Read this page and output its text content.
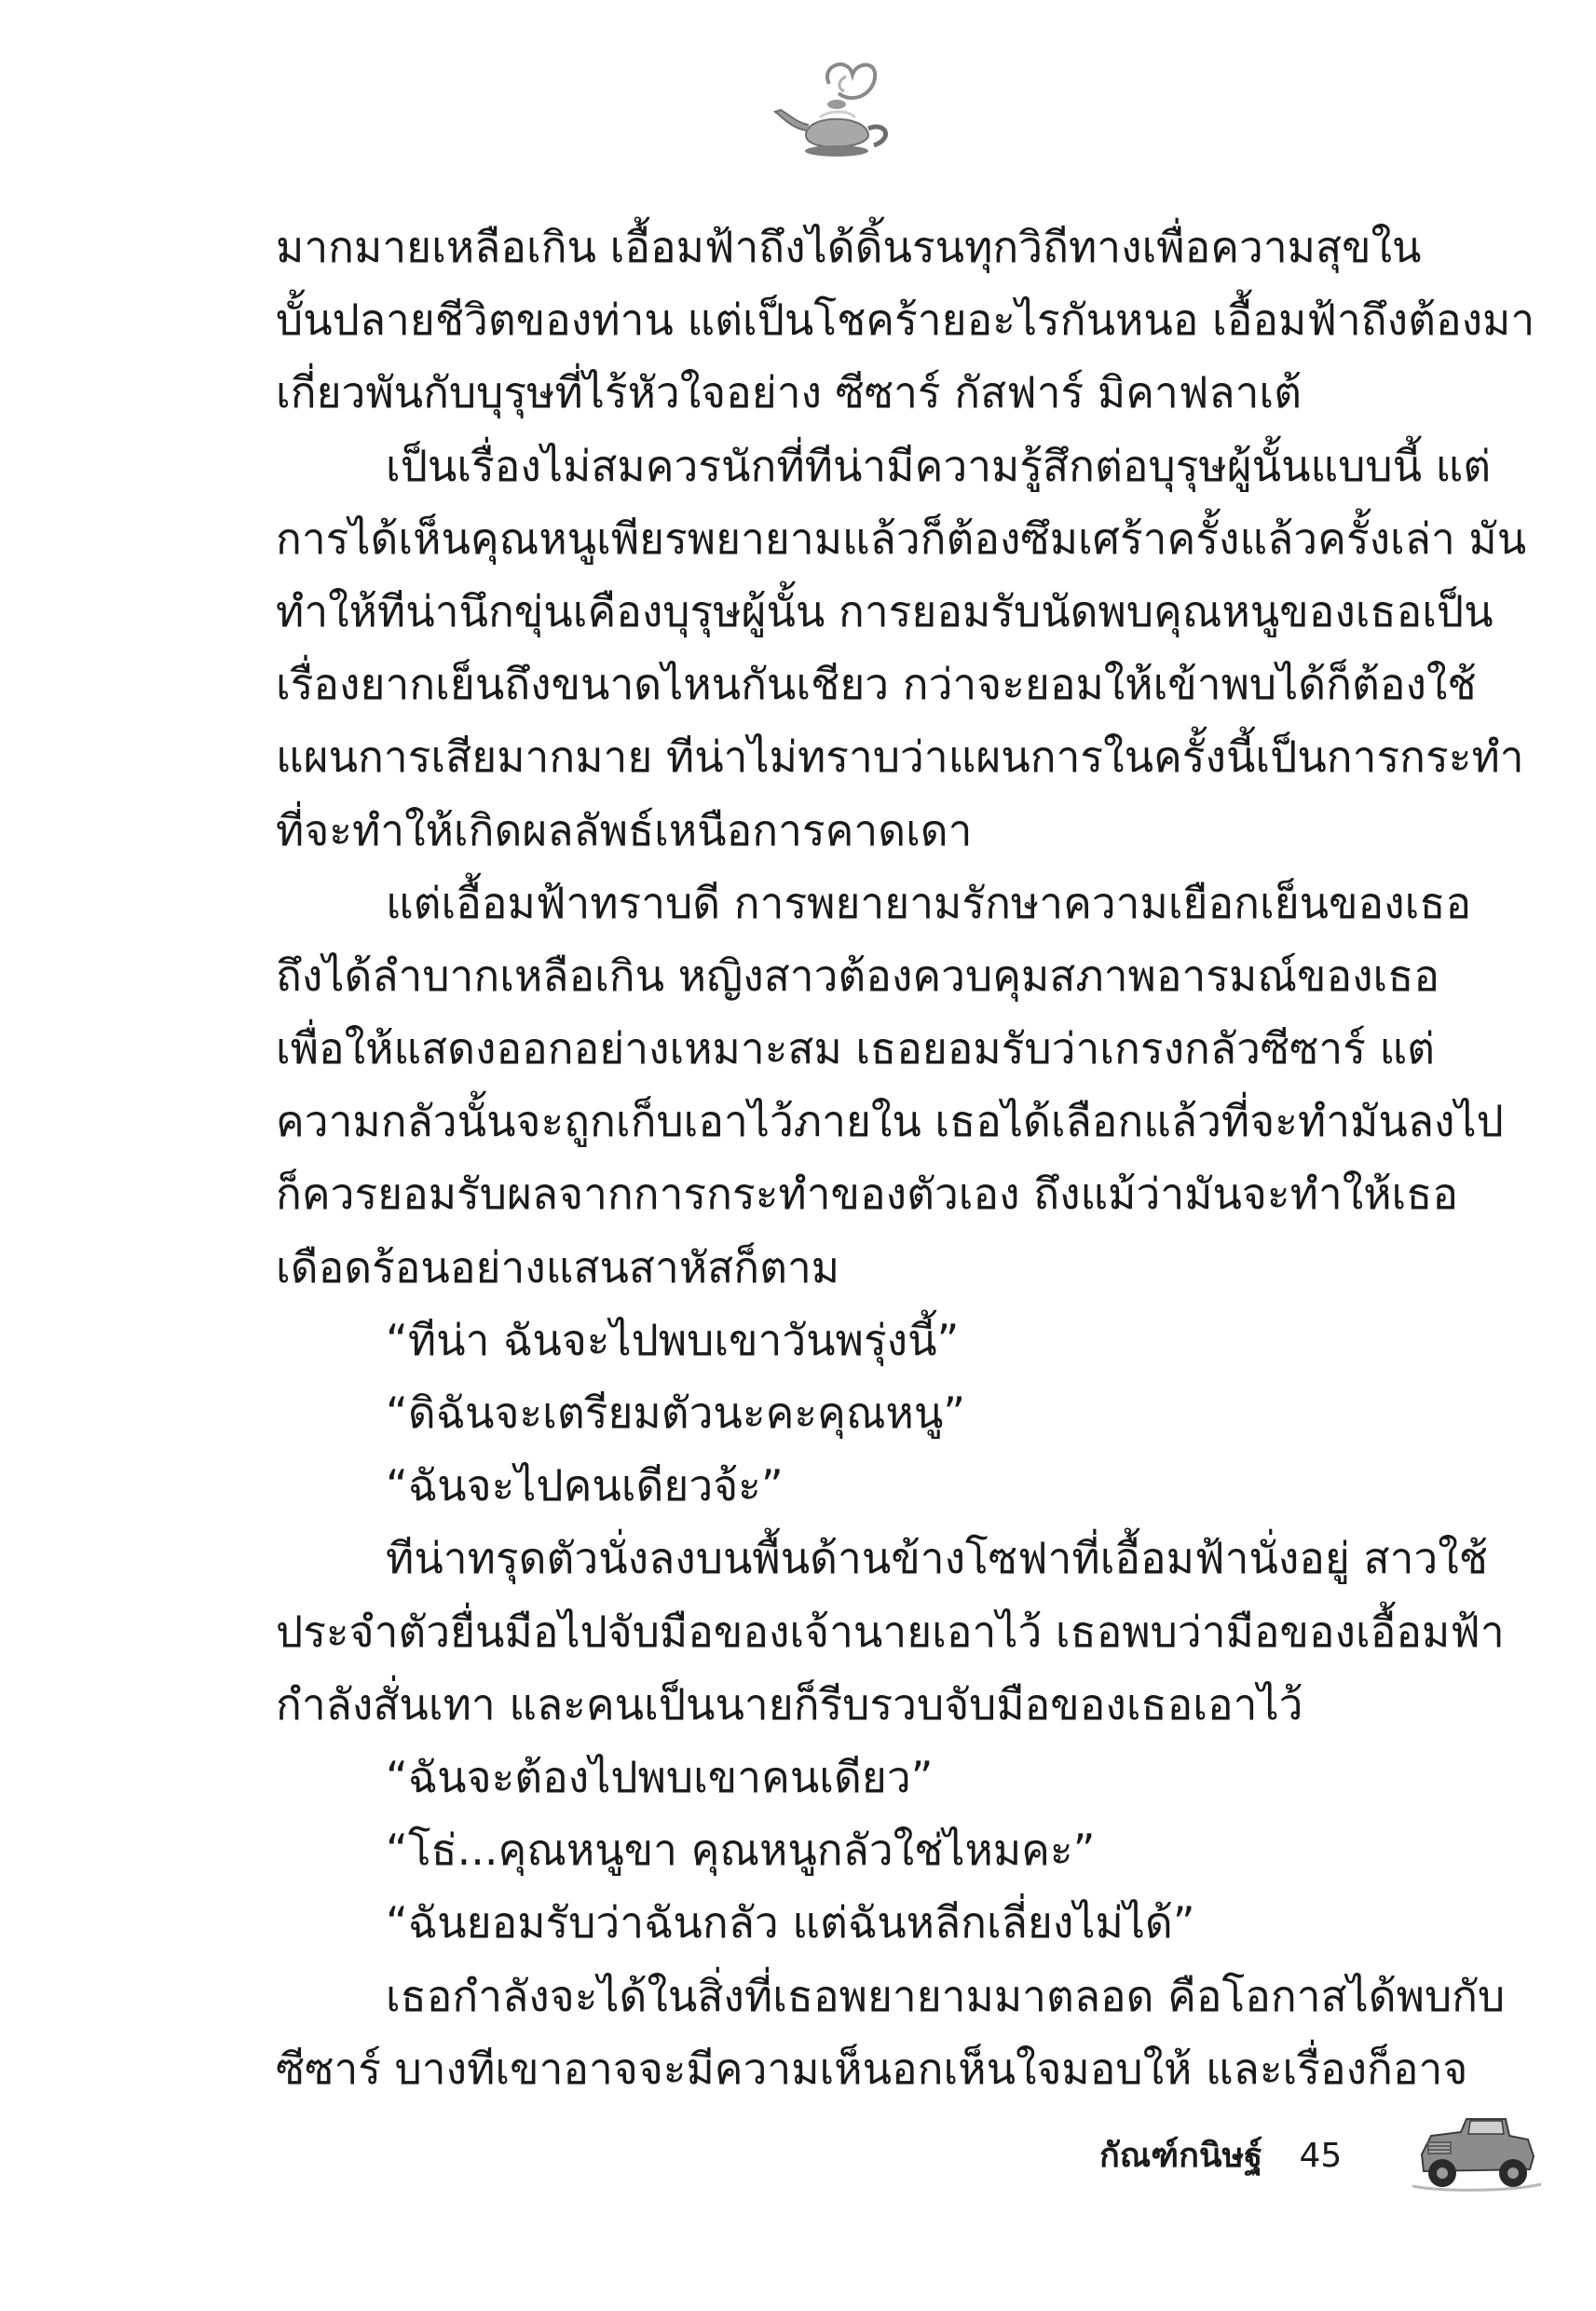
มากมายเหลือเกิน เอื้อมฟ้าถึงได้ดิ้นรนทุกวิถีทางเพื่อความสุขใน
บั้นปลายชีวิตของท่าน แต่เป็นโชคร้ายอะไรกันหนอ เอื้อมฟ้าถึงต้องมา
เกี่ยวพันกับบุรุษที่ไร้หัวใจอย่าง ซีซาร์ กัสฟาร์ มิคาฟลาเต้
เป็นเรื่องไม่สมควรนักที่ทีน่ามีความรู้สึกต่อบุรุษผู้นั้นแบบนี้ แต่
การได้เห็นคุณหนูเพียรพยายามแล้วก็ต้องซึมเศร้าครั้งแล้วครั้งเล่า มัน
ทำให้ทีน่านึกขุ่นเคืองบุรุษผู้นั้น การยอมรับนัดพบคุณหนูของเธอเป็น
เรื่องยากเย็นถึงขนาดไหนกันเชียว กว่าจะยอมให้เข้าพบได้ก็ต้องใช้
แผนการเสียมากมาย ทีน่าไม่ทราบว่าแผนการในครั้งนี้เป็นการกระทำ
ที่จะทำให้เกิดผลลัพธ์เหนือการคาดเดา
แต่เอื้อมฟ้าทราบดี การพยายามรักษาความเยือกเย็นของเธอ
ถึงได้ลำบากเหลือเกิน หญิงสาวต้องควบคุมสภาพอารมณ์ของเธอ
เพื่อให้แสดงออกอย่างเหมาะสม เธอยอมรับว่าเกรงกลัวซีซาร์ แต่
ความกลัวนั้นจะถูกเก็บเอาไว้ภายใน เธอได้เลือกแล้วที่จะทำมันลงไป
ก็ควรยอมรับผลจากการกระทำของตัวเอง ถึงแม้ว่ามันจะทำให้เธอ
เดือดร้อนอย่างแสนสาหัสก็ตาม
“ทีน่า ฉันจะไปพบเขาวันพรุ่งนี้”
“ดิฉันจะเตรียมตัวนะคะคุณหนู”
“ฉันจะไปคนเดียวจ้ะ”
ทีน่าทรุดตัวนั่งลงบนพื้นด้านข้างโซฟาที่เอื้อมฟ้านั่งอยู่ สาวใช้
ประจำตัวยื่นมือไปจับมือของเจ้านายเอาไว้ เธอพบว่ามือของเอื้อมฟ้า
กำลังสั่นเทา และคนเป็นนายก็รีบรวบจับมือของเธอเอาไว้
“ฉันจะต้องไปพบเขาคนเดียว”
“โธ่...คุณหนูขา คุณหนูกลัวใช่ไหมคะ”
“ฉันยอมรับว่าฉันกลัว แต่ฉันหลีกเลี่ยงไม่ได้”
เธอกำลังจะได้ในสิ่งที่เธอพยายามมาตลอด คือโอกาสได้พบกับ
ซีซาร์ บางทีเขาอาจจะมีความเห็นอกเห็นใจมอบให้ และเรื่องก็อาจ
กัณฑ์กนิษฐ์ 45
